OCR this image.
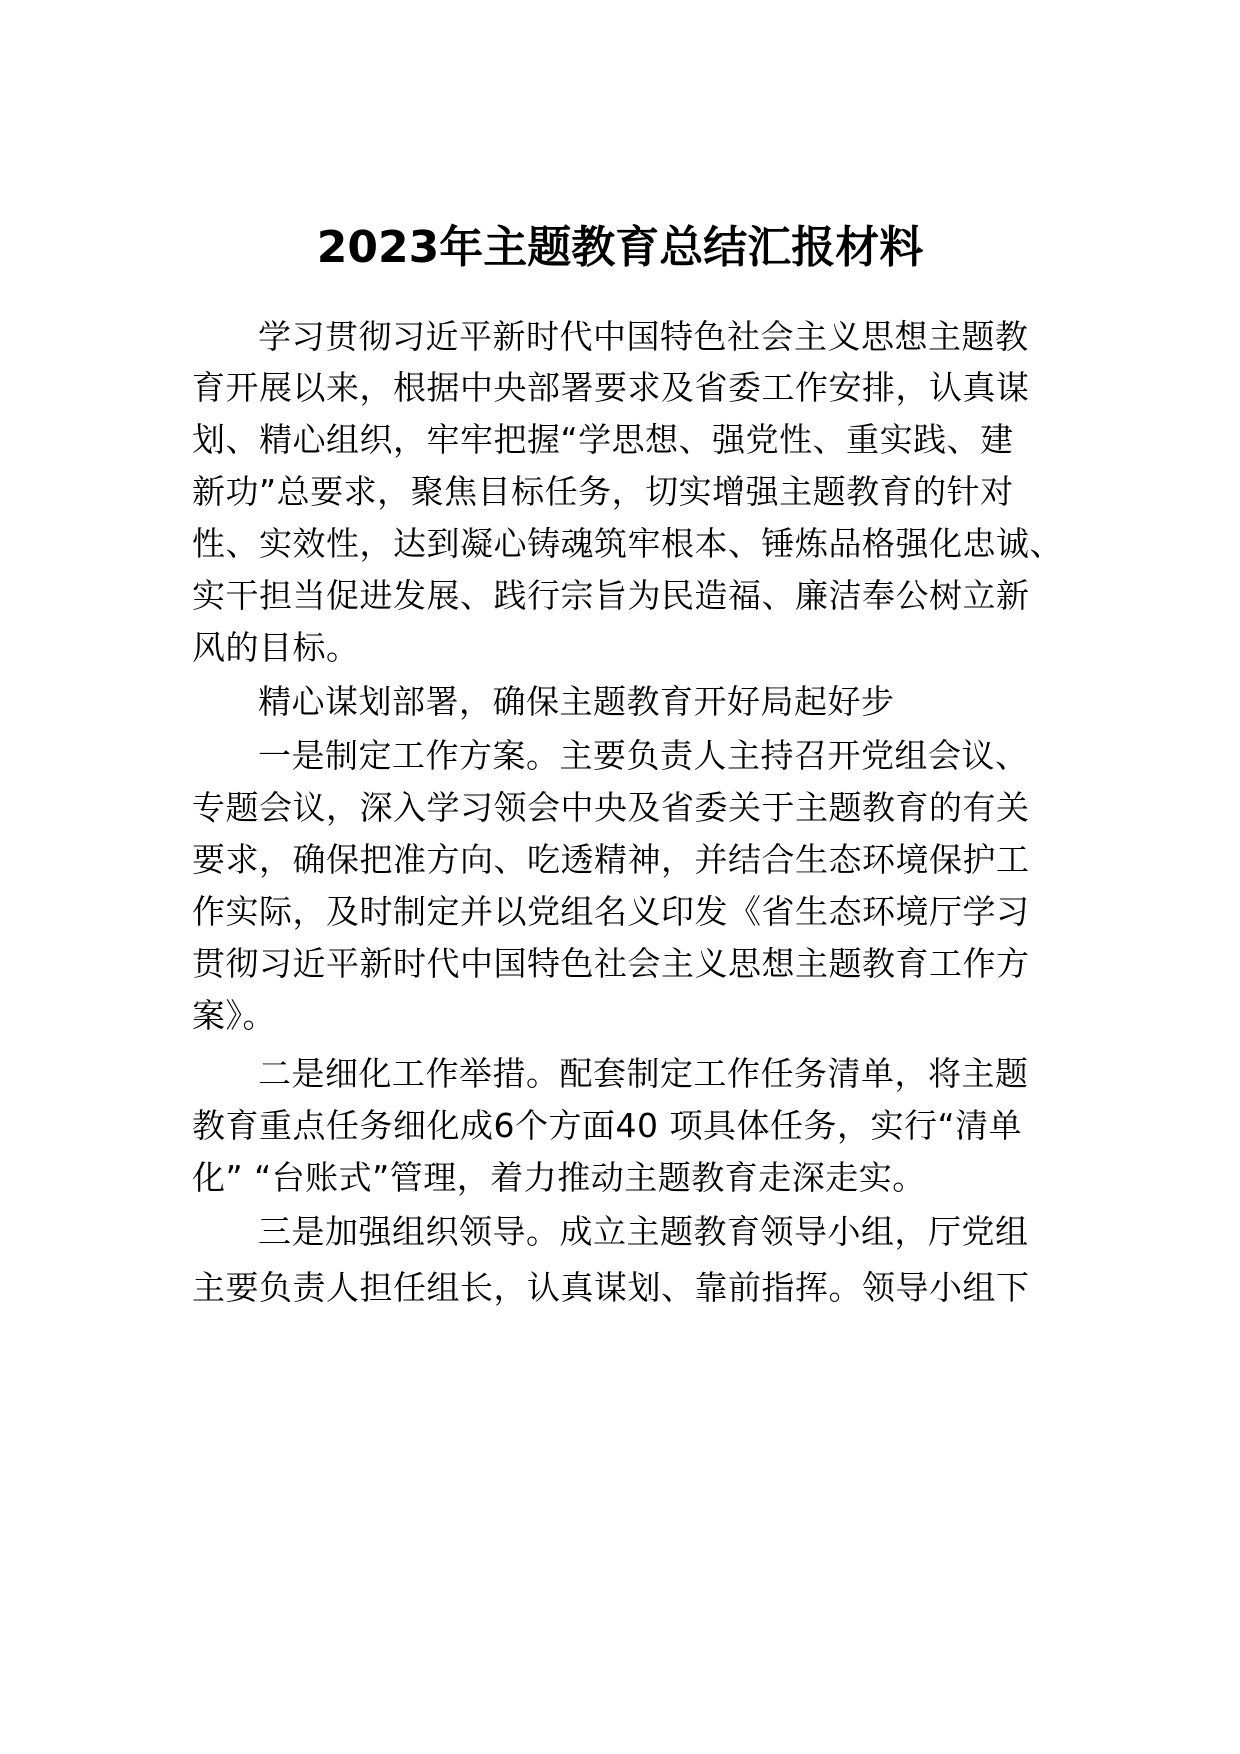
2023年主题教育总结汇报材料

学习贯彻习近平新时代中国特色社会主义思想主题教

育开展以来，根据中央部署要求及省委工作安排，认真谋

划、精心组织，牢牢把握“学思想、强党性、重实践、建

新功”总要求，聚焦目标任务，切实增强主题教育的针对

性、实效性，达到凝心铸魂筑牢根本、锤炼品格强化忠诚、

实干担当促进发展、践行宗旨为民造福、廉洁奉公树立新

风的目标。

精心谋划部署，确保主题教育开好局起好步

一是制定工作方案。主要负责人主持召开党组会议、

专题会议，深入学习领会中央及省委关于主题教育的有关

要求，确保把准方向、吃透精神，并结合生态环境保护工

作实际，及时制定并以党组名义印发《省生态环境厅学习

贯彻习近平新时代中国特色社会主义思想主题教育工作方

案》。

二是细化工作举措。配套制定工作任务清单，将主题

教育重点任务细化成6个方面40 项具体任务，实行“清单

化” “台账式”管理，着力推动主题教育走深走实。

三是加强组织领导。成立主题教育领导小组，厅党组

主要负责人担任组长，认真谋划、靠前指挥。领导小组下
